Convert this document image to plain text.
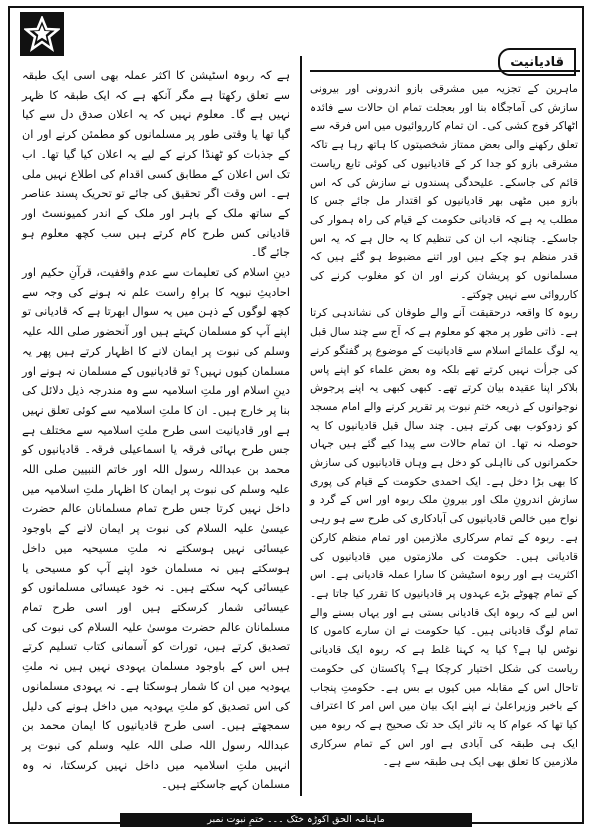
قادیانیت

ماہرین کے تجزیہ میں مشرقی بازو اندرونی اور بیرونی سازش کی آماجگاہ بنا اور بعجلت تمام ان حالات سے فائدہ اٹھاکر فوج کشی کی۔ ان تمام کارروائیوں میں اس فرقہ سے تعلق رکھنے والی بعض ممتاز شخصیتوں کا ہاتھ رہا ہے تاکہ مشرقی بازو کو جدا کر کے قادیانیوں کی کوئی تابع ریاست قائم کی جاسکے۔ علیحدگی پسندوں نے سازش کی کہ اس بازو میں مٹھی بھر قادیانیوں کو اقتدار مل جائے جس کا مطلب یہ ہے کہ قادیانی حکومت کے قیام کی راہ ہموار کی جاسکے۔ چنانچہ اب ان کی تنظیم کا یہ حال ہے کہ یہ اس قدر منظم ہو چکے ہیں اور اتنے مضبوط ہو گئے ہیں کہ مسلمانوں کو پریشان کرنے اور ان کو مغلوب کرنے کی کارروائی سے نہیں چوکتے۔

ربوہ کا واقعہ درحقیقت آنے والے طوفان کی نشاندہی کرتا ہے۔ ذاتی طور پر مجھ کو معلوم ہے کہ آج سے چند سال قبل یہ لوگ علمائے اسلام سے قادیانیت کے موضوع پر گفتگو کرنے کی جرأت نہیں کرتے تھے بلکہ وہ بعض علماء کو اپنے پاس بلاکر اپنا عقیدہ بیان کرتے تھے۔ کبھی کبھی یہ اپنے پرجوش نوجوانوں کے ذریعہ ختمِ نبوت پر تقریر کرنے والے امام مسجد کو زدوکوب بھی کرتے ہیں۔ چند سال قبل قادیانیوں کا یہ حوصلہ نہ تھا۔ ان تمام حالات سے پیدا کیے گئے ہیں جہاں حکمرانوں کی نااہلی کو دخل ہے وہاں قادیانیوں کی سازش کا بھی بڑا دخل ہے۔ ایک احمدی حکومت کے قیام کی پوری سازش اندرونِ ملک اور بیرونِ ملک ربوہ اور اس کے گرد و نواح میں خالص قادیانیوں کی آبادکاری کی طرح سے ہو رہی ہے۔ ربوہ کے تمام سرکاری ملازمین اور تمام منظم کارکن قادیانی ہیں۔ حکومت کی ملازمتوں میں قادیانیوں کی اکثریت ہے اور ربوہ اسٹیشن کا سارا عملہ قادیانی ہے۔ اس کے تمام چھوٹے بڑے عہدوں پر قادیانیوں کا تقرر کیا جاتا ہے۔ اس لیے کہ ربوہ ایک قادیانی بستی ہے اور یہاں بسنے والے تمام لوگ قادیانی ہیں۔ کیا حکومت نے ان سارے کاموں کا نوٹس لیا ہے؟ کیا یہ کہنا غلط ہے کہ ربوہ ایک قادیانی ریاست کی شکل اختیار کرچکا ہے؟ پاکستان کی حکومت تاحال اس کے مقابلہ میں کیوں بے بس ہے۔ حکومتِ پنجاب کے باخبر وزیراعلیٰ نے اپنے ایک بیان میں اس امر کا اعتراف کیا تھا کہ عوام کا یہ تاثر ایک حد تک صحیح ہے کہ ربوہ میں ایک ہی طبقہ کی آبادی ہے اور اس کے تمام سرکاری ملازمین کا تعلق بھی ایک ہی طبقہ سے ہے۔

ہے کہ ربوہ اسٹیشن کا اکثر عملہ بھی اسی ایک طبقہ سے تعلق رکھتا ہے مگر آنکھ ہے کہ ایک طبقہ کا ظہر نہیں ہے گا۔ معلوم نہیں کہ یہ اعلان صدق دل سے کیا گیا تھا یا وقتی طور پر مسلمانوں کو مطمئن کرنے اور ان کے جذبات کو ٹھنڈا کرنے کے لیے یہ اعلان کیا گیا تھا۔ اب تک اس اعلان کے مطابق کسی اقدام کی اطلاع نہیں ملی ہے۔ اس وقت اگر تحقیق کی جائے تو تحریک پسند عناصر کے ساتھ ملک کے باہر اور ملک کے اندر کمیونسٹ اور قادیانی کس طرح کام کرتے ہیں سب کچھ معلوم ہو جائے گا۔

دینِ اسلام کی تعلیمات سے عدم واقفیت، قرآنِ حکیم اور احادیثِ نبویہ کا براہِ راست علم نہ ہونے کی وجہ سے کچھ لوگوں کے ذہن میں یہ سوال ابھرتا ہے کہ قادیانی تو اپنے آپ کو مسلمان کہتے ہیں اور آنحضور صلی اللہ علیہ وسلم کی نبوت پر ایمان لانے کا اظہار کرتے ہیں پھر یہ مسلمان کیوں نہیں؟ تو قادیانیوں کے مسلمان نہ ہونے اور دینِ اسلام اور ملتِ اسلامیہ سے وہ مندرجہ ذیل دلائل کی بنا پر خارج ہیں۔ ان کا ملتِ اسلامیہ سے کوئی تعلق نہیں ہے اور قادیانیت اسی طرح ملتِ اسلامیہ سے مختلف ہے جس طرح بہائی فرقہ یا اسماعیلی فرقہ۔ قادیانیوں کو محمد بن عبداللہ رسول اللہ اور خاتم النبیین صلی اللہ علیہ وسلم کی نبوت پر ایمان کا اظہار ملتِ اسلامیہ میں داخل نہیں کرتا جس طرح تمام مسلمانان عالم حضرت عیسیٰ علیہ السلام کی نبوت پر ایمان لانے کے باوجود عیسائی نہیں ہوسکتے نہ ملتِ مسیحیہ میں داخل ہوسکتے ہیں نہ مسلمان خود اپنے آپ کو مسیحی یا عیسائی کہہ سکتے ہیں۔ نہ خود عیسائی مسلمانوں کو عیسائی شمار کرسکتے ہیں اور اسی طرح تمام مسلمانان عالم حضرت موسیٰ علیہ السلام کی نبوت کی تصدیق کرتے ہیں، تورات کو آسمانی کتاب تسلیم کرتے ہیں اس کے باوجود مسلمان یہودی نہیں ہیں نہ ملتِ یہودیہ میں ان کا شمار ہوسکتا ہے۔ نہ یہودی مسلمانوں کی اس تصدیق کو ملتِ یہودیہ میں داخل ہونے کی دلیل سمجھتے ہیں۔ اسی طرح قادیانیوں کا ایمان محمد بن عبداللہ رسول اللہ صلی اللہ علیہ وسلم کی نبوت پر انہیں ملتِ اسلامیہ میں داخل نہیں کرسکتا، نہ وہ مسلمان کہے جاسکتے ہیں۔

ماہنامہ الحق اکوڑہ خٹک ۔۔۔ ختمِ نبوت نمبر
